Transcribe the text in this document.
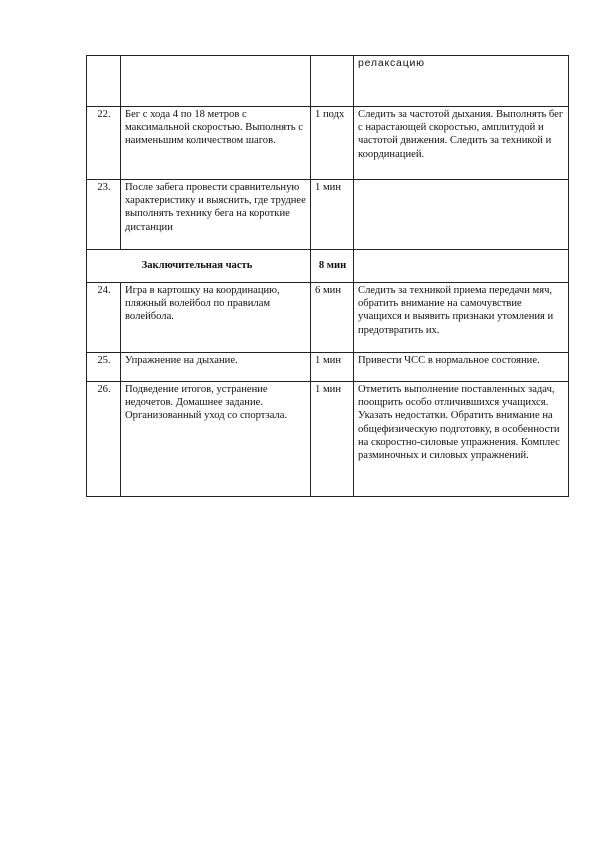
			релаксацию
22.	Бег с хода 4 по 18 метров с максимальной скоростью. Выполнять с наименьшим количеством шагов.	1 подх	Следить за частотой дыхания. Выполнять бег с нарастающей скоростью, амплитудой и частотой движения. Следить за техникой и координацией.
23.	После забега провести сравнительную характеристику и выяснить, где труднее выполнять технику бега на короткие дистанции	1 мин	
Заключительная часть		8 мин	
24.	Игра в картошку на координацию, пляжный волейбол по правилам волейбола.	6 мин	Следить за техникой приема передачи мяч, обратить внимание на самочувствие учащихся и выявить признаки утомления и предотвратить их.
25.	Упражнение на дыхание.	1 мин	Привести ЧСС в нормальное состояние.
26.	Подведение итогов, устранение недочетов. Домашнее задание. Организованный уход со спортзала.	1 мин	Отметить выполнение поставленных задач, поощрить особо отличившихся учащихся. Указать недостатки. Обратить внимание на общефизическую подготовку, в особенности на скоростно-силовые упражнения. Комплес разминочных и силовых упражнений.
